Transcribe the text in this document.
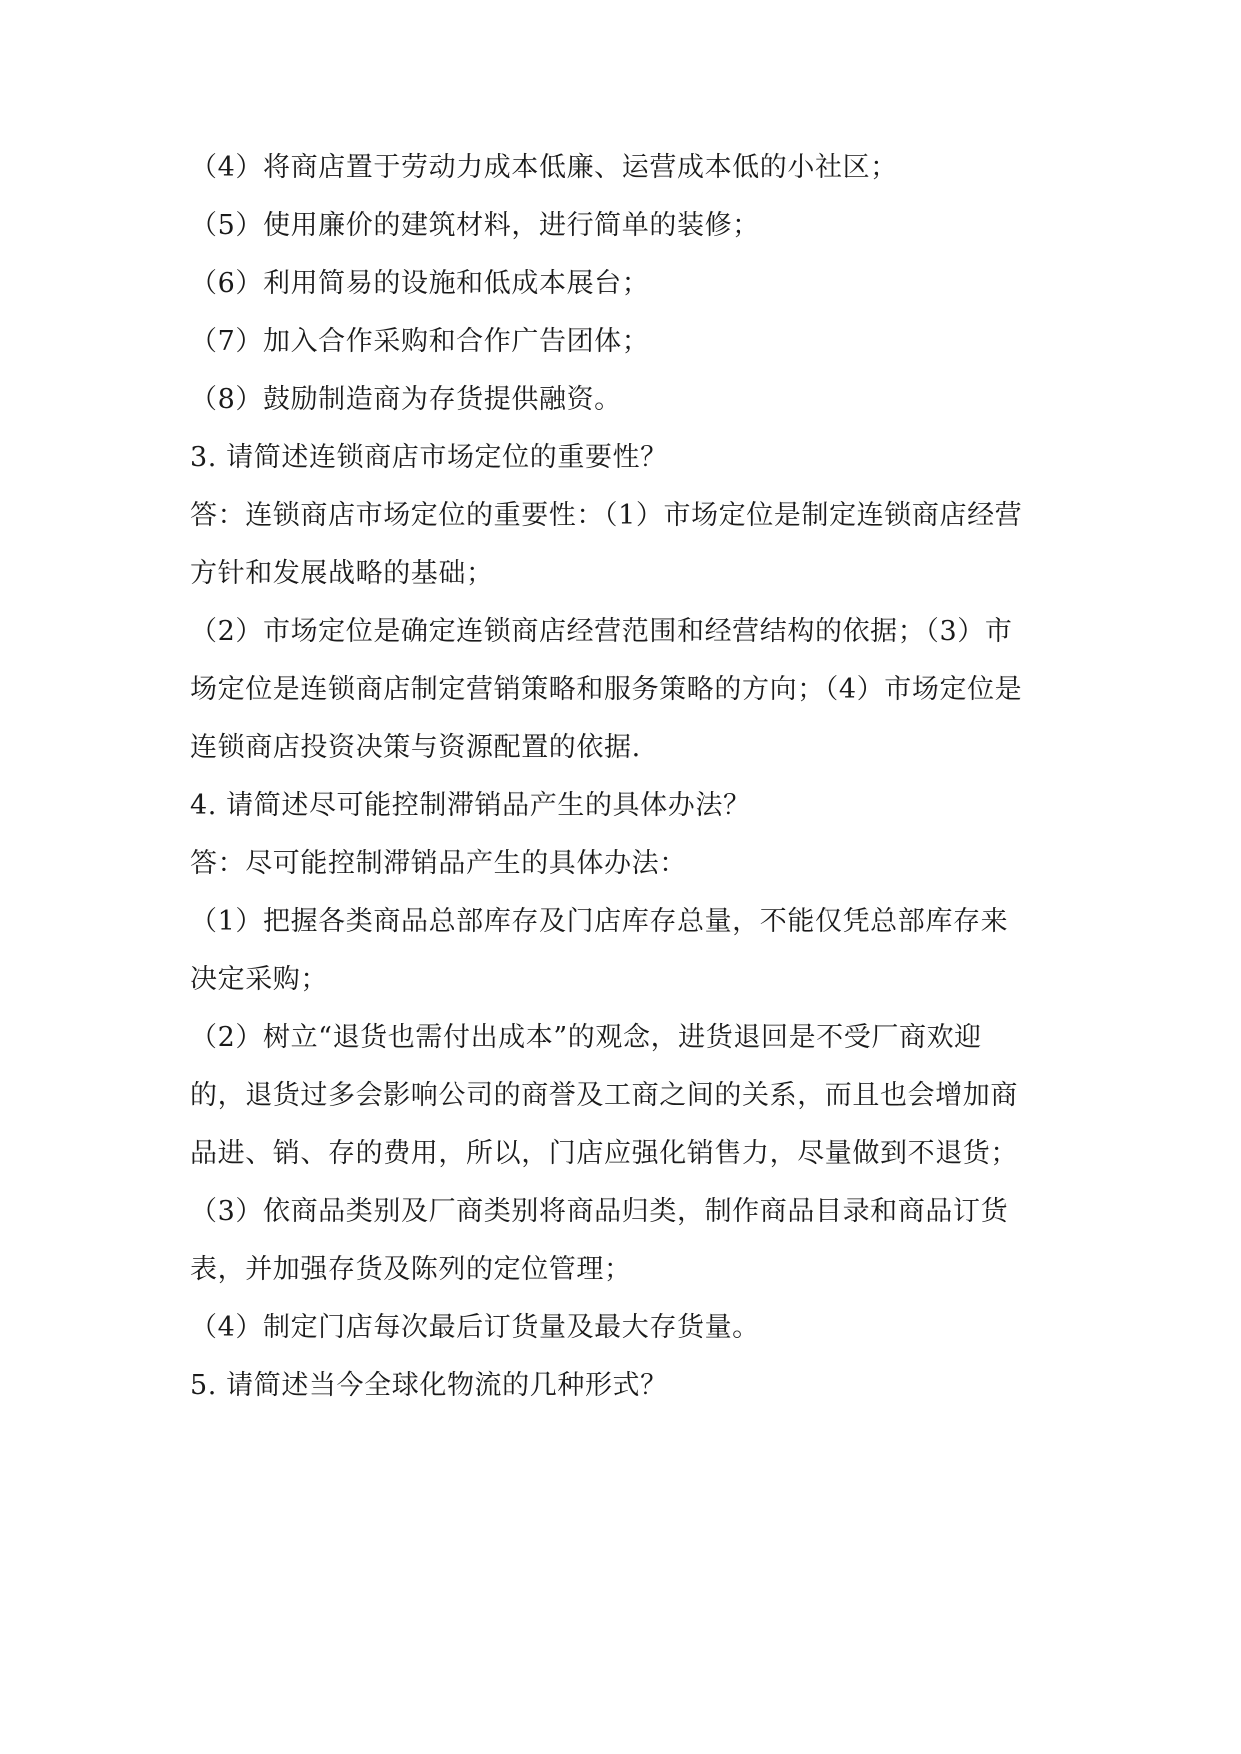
（4）将商店置于劳动力成本低廉、运营成本低的小社区；
（5）使用廉价的建筑材料，进行简单的装修；
（6）利用简易的设施和低成本展台；
（7）加入合作采购和合作广告团体；
（8）鼓励制造商为存货提供融资。
3. 请简述连锁商店市场定位的重要性？
答：连锁商店市场定位的重要性：（1）市场定位是制定连锁商店经营
方针和发展战略的基础；
（2）市场定位是确定连锁商店经营范围和经营结构的依据；（3）市
场定位是连锁商店制定营销策略和服务策略的方向；（4）市场定位是
连锁商店投资决策与资源配置的依据.
4. 请简述尽可能控制滞销品产生的具体办法？
答：尽可能控制滞销品产生的具体办法：
（1）把握各类商品总部库存及门店库存总量，不能仅凭总部库存来
决定采购；
（2）树立“退货也需付出成本”的观念，进货退回是不受厂商欢迎
的，退货过多会影响公司的商誉及工商之间的关系，而且也会增加商
品进、销、存的费用，所以，门店应强化销售力，尽量做到不退货；
（3）依商品类别及厂商类别将商品归类，制作商品目录和商品订货
表，并加强存货及陈列的定位管理；
（4）制定门店每次最后订货量及最大存货量。
5. 请简述当今全球化物流的几种形式？
